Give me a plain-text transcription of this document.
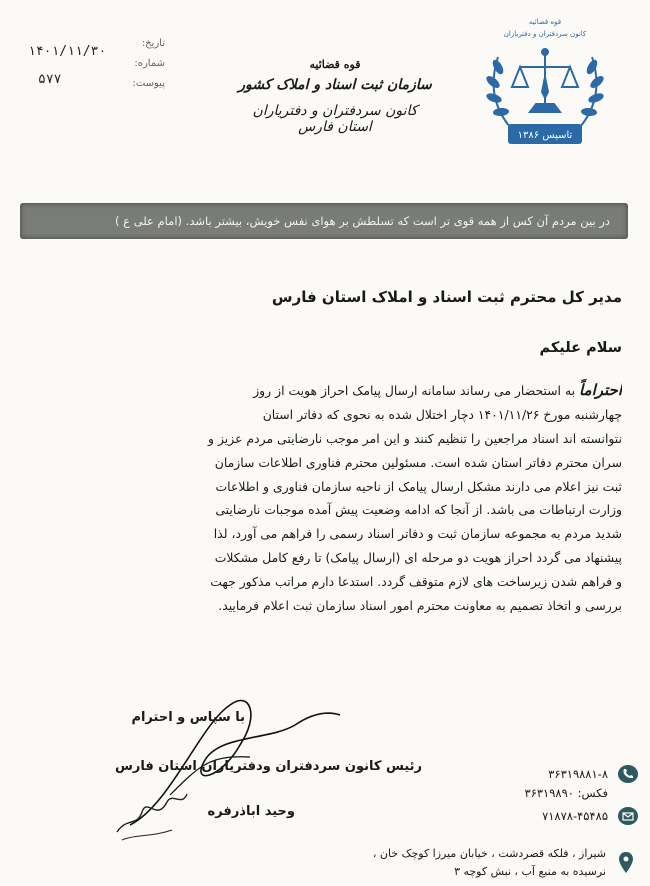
تاسیس ۱۳۸۶
قوه قضائیه
کانون سردفتران و دفتریاران
قوه قضائیه
سازمان ثبت اسناد و املاک کشور
کانون سردفتران و دفتریاران استان فارس
تاریخ:
شماره:
۱۴۰۱/۱۱/۳۰
پیوست:
۵۷۷
در بین مردم آن کس از همه قوی تر است که تسلطش بر هوای نفس خویش، بیشتر باشد. (امام علی ع )
مدیر کل محترم ثبت اسناد و املاک استان فارس
سلام علیکم
احتراماً به استحضار می رساند سامانه ارسال پیامک احراز هویت از روز
چهارشنبه مورخ ۱۴۰۱/۱۱/۲۶ دچار اختلال شده به نحوی که دفاتر استان
نتوانسته اند اسناد مراجعین را تنظیم کنند و این امر موجب نارضایتی مردم عزیز و
سران محترم دفاتر استان شده است. مسئولین محترم فناوری اطلاعات سازمان
ثبت نیز اعلام می دارند مشکل ارسال پیامک از ناحیه سازمان فناوری و اطلاعات
وزارت ارتباطات می باشد. از آنجا که ادامه وضعیت پیش آمده موجبات نارضایتی
شدید مردم به مجموعه سازمان ثبت و دفاتر اسناد رسمی را فراهم می آورد، لذا
پیشنهاد می گردد احراز هویت دو مرحله ای (ارسال پیامک) تا رفع کامل مشکلات
و فراهم شدن زیرساخت های لازم متوقف گردد. استدعا دارم مراتب مذکور جهت
بررسی و اتخاذ تصمیم به معاونت محترم امور اسناد سازمان ثبت اعلام فرمایید.
با سپاس و احترام
رئیس کانون سردفتران ودفتریاران استان فارس
وحید اباذرفره
۳۶۳۱۹۸۸۱-۸
فکس: ۳۶۳۱۹۸۹۰
۷۱۸۷۸-۴۵۴۸۵
شیراز ، فلکه قصردشت ، خیابان میرزا کوچک خان ،
نرسیده به منبع آب ، نبش کوچه ۳
